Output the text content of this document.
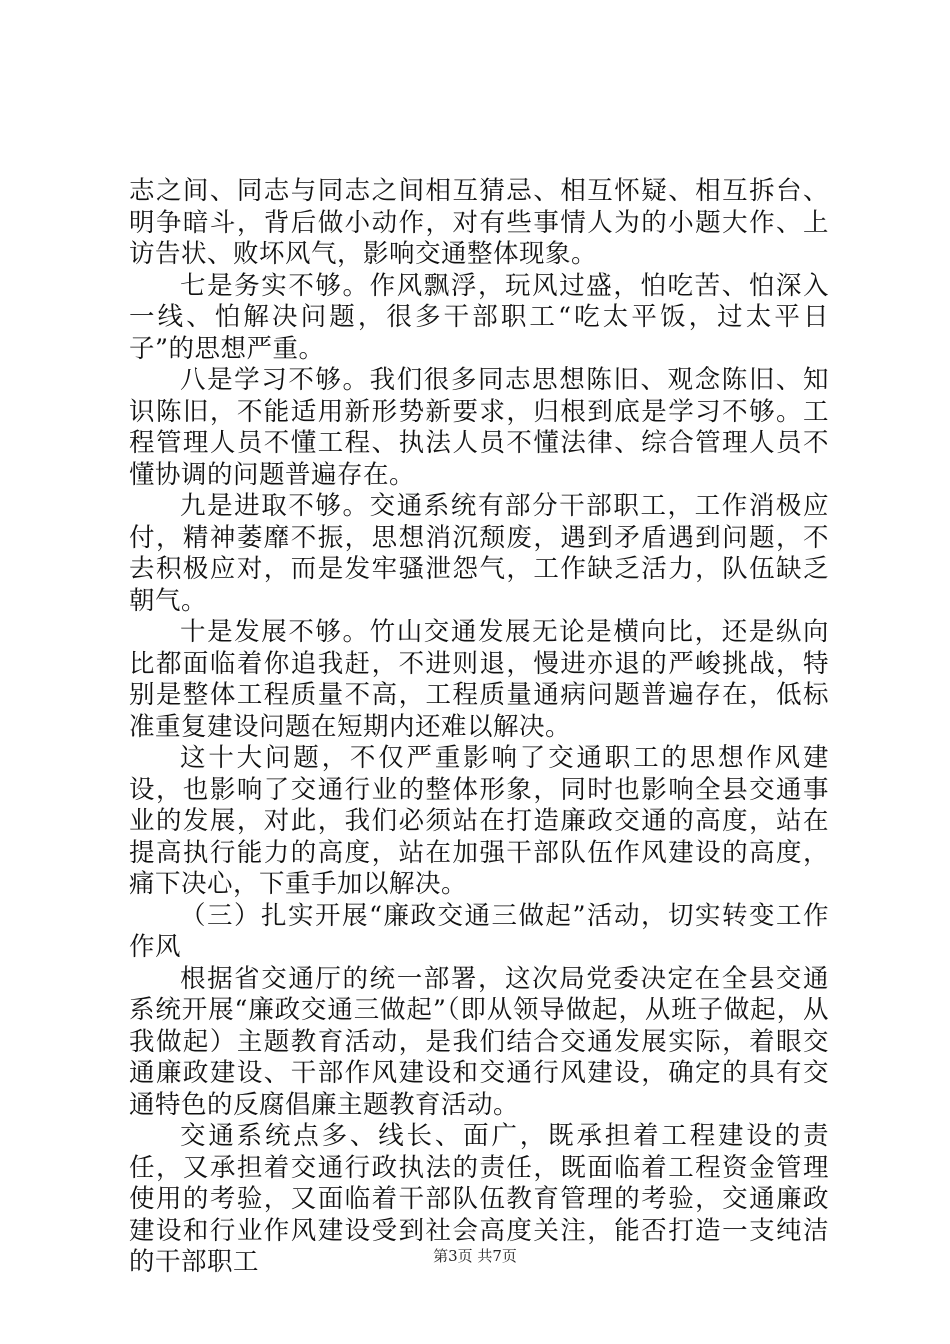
志之间、同志与同志之间相互猜忌、相互怀疑、相互拆台、明争暗斗，背后做小动作，对有些事情人为的小题大作、上访告状、败坏风气，影响交通整体现象。

七是务实不够。作风飘浮，玩风过盛，怕吃苦、怕深入一线、怕解决问题，很多干部职工“吃太平饭，过太平日子”的思想严重。

八是学习不够。我们很多同志思想陈旧、观念陈旧、知识陈旧，不能适用新形势新要求，归根到底是学习不够。工程管理人员不懂工程、执法人员不懂法律、综合管理人员不懂协调的问题普遍存在。

九是进取不够。交通系统有部分干部职工，工作消极应付，精神萎靡不振，思想消沉颓废，遇到矛盾遇到问题，不去积极应对，而是发牢骚泄怨气，工作缺乏活力，队伍缺乏朝气。

十是发展不够。竹山交通发展无论是横向比，还是纵向比都面临着你追我赶，不进则退，慢进亦退的严峻挑战，特别是整体工程质量不高，工程质量通病问题普遍存在，低标准重复建设问题在短期内还难以解决。

这十大问题，不仅严重影响了交通职工的思想作风建设，也影响了交通行业的整体形象，同时也影响全县交通事业的发展，对此，我们必须站在打造廉政交通的高度，站在提高执行能力的高度，站在加强干部队伍作风建设的高度，痛下决心，下重手加以解决。

（三）扎实开展“廉政交通三做起”活动，切实转变工作作风

根据省交通厅的统一部署，这次局党委决定在全县交通系统开展“廉政交通三做起”（即从领导做起，从班子做起，从我做起）主题教育活动，是我们结合交通发展实际，着眼交通廉政建设、干部作风建设和交通行风建设，确定的具有交通特色的反腐倡廉主题教育活动。

交通系统点多、线长、面广，既承担着工程建设的责任，又承担着交通行政执法的责任，既面临着工程资金管理使用的考验，又面临着干部队伍教育管理的考验，交通廉政建设和行业作风建设受到社会高度关注，能否打造一支纯洁的干部职工	第3页 共7页
